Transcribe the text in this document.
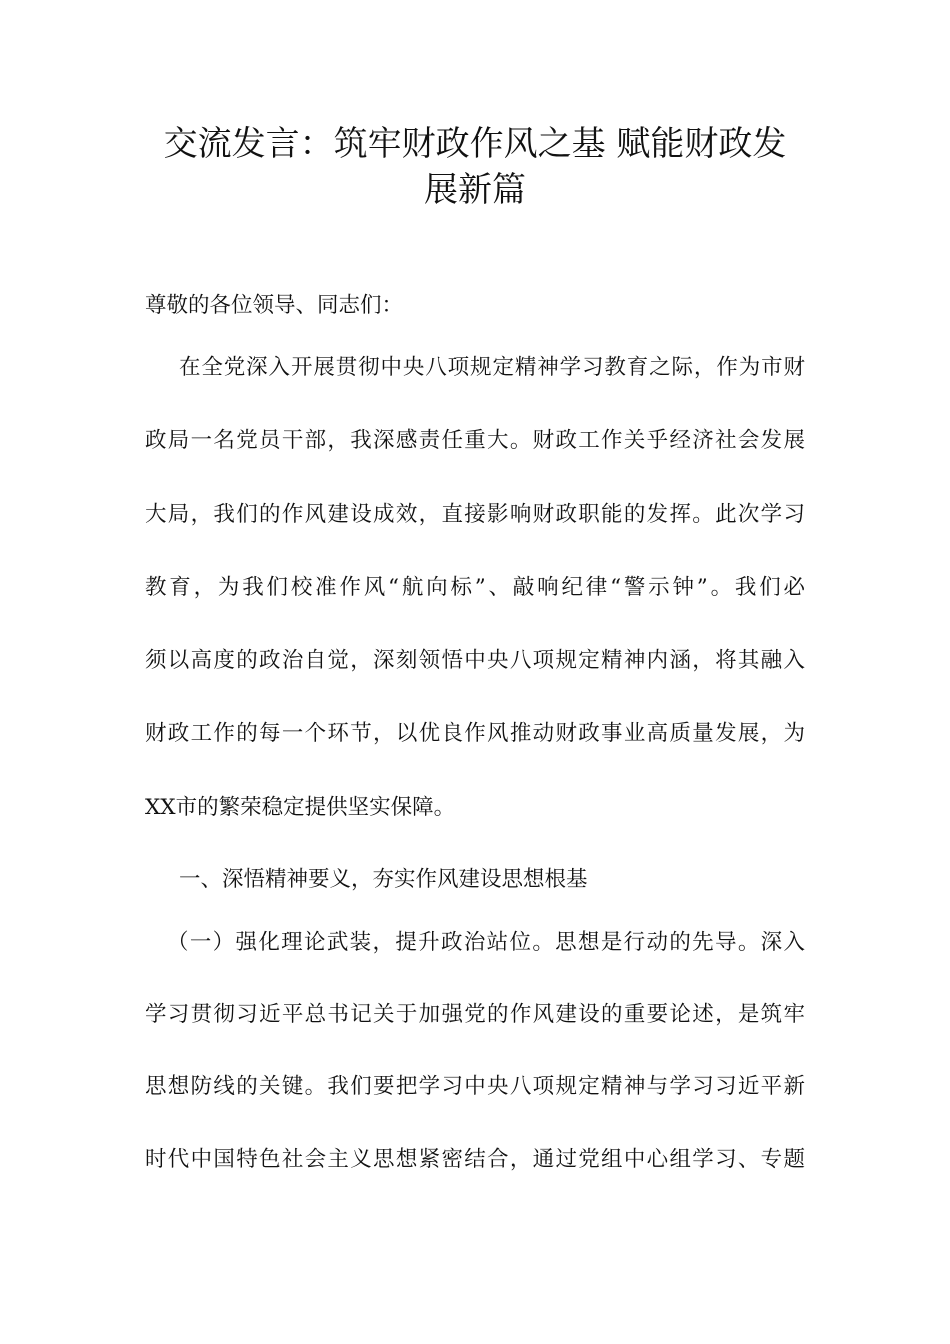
交流发言：筑牢财政作风之基 赋能财政发
展新篇
尊敬的各位领导、同志们：
在全党深入开展贯彻中央八项规定精神学习教育之际，作为市财
政局一名党员干部，我深感责任重大。财政工作关乎经济社会发展
大局，我们的作风建设成效，直接影响财政职能的发挥。此次学习
教育，为我们校准作风“航向标”、敲响纪律“警示钟”。我们必
须以高度的政治自觉，深刻领悟中央八项规定精神内涵，将其融入
财政工作的每一个环节，以优良作风推动财政事业高质量发展，为
XX市的繁荣稳定提供坚实保障。
一、深悟精神要义，夯实作风建设思想根基
（一）强化理论武装，提升政治站位。思想是行动的先导。深入
学习贯彻习近平总书记关于加强党的作风建设的重要论述，是筑牢
思想防线的关键。我们要把学习中央八项规定精神与学习习近平新
时代中国特色社会主义思想紧密结合，通过党组中心组学习、专题
